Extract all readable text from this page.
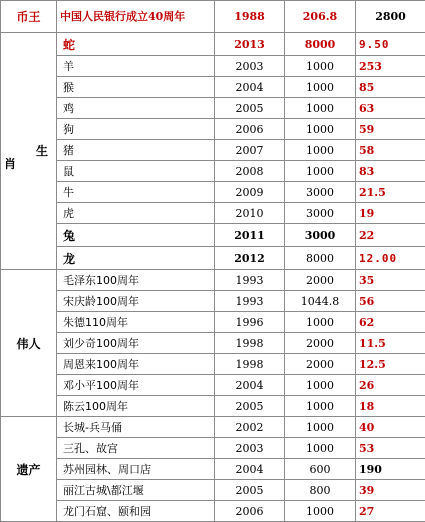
币王	中国人民银行成立40周年	1988	206.8	2800
	蛇	2013	8000	9.50
	羊	2003	1000	253
	猴	2004	1000	85
	鸡	2005	1000	63
	狗	2006	1000	59
	猪	2007	1000	58
	鼠	2008	1000	83
	牛	2009	3000	21.5
	虎	2010	3000	19
	兔	2011	3000	22
	龙	2012	8000	12.00
伟人	毛泽东100周年	1993	2000	35
	宋庆龄100周年	1993	1044.8	56
	朱德110周年	1996	1000	62
	刘少奇100周年	1998	2000	11.5
	周恩来100周年	1998	2000	12.5
	邓小平100周年	2004	1000	26
	陈云100周年	2005	1000	18
遗产	长城-兵马俑	2002	1000	40
	三孔、故宫	2003	1000	53
	苏州园林、周口店	2004	600	190
	丽江古城\都江堰	2005	800	39
	龙门石窟、颐和园	2006	1000	27
生
肖
